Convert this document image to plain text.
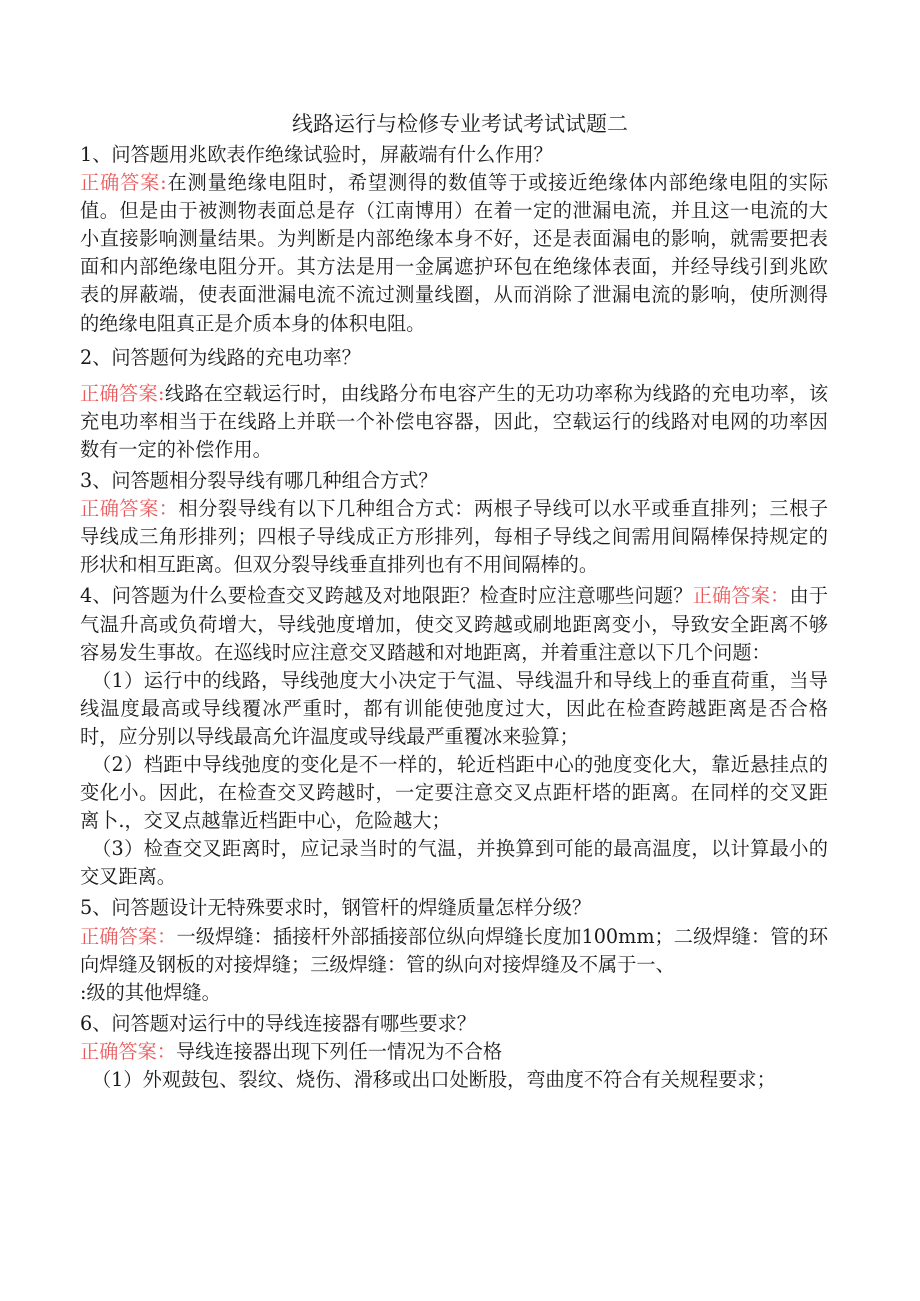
线路运行与检修专业考试考试试题二

1、问答题用兆欧表作绝缘试验时，屏蔽端有什么作用？

正确答案:在测量绝缘电阻时，希望测得的数值等于或接近绝缘体内部绝缘电阻的实际值。但是由于被测物表面总是存（江南博用）在着一定的泄漏电流，并且这一电流的大小直接影响测量结果。为判断是内部绝缘本身不好，还是表面漏电的影响，就需要把表面和内部绝缘电阻分开。其方法是用一金属遮护环包在绝缘体表面，并经导线引到兆欧表的屏蔽端，使表面泄漏电流不流过测量线圈，从而消除了泄漏电流的影响，使所测得的绝缘电阻真正是介质本身的体积电阻。

2、问答题何为线路的充电功率？

正确答案:线路在空载运行时，由线路分布电容产生的无功功率称为线路的充电功率，该充电功率相当于在线路上并联一个补偿电容器，因此，空载运行的线路对电网的功率因数有一定的补偿作用。

3、问答题相分裂导线有哪几种组合方式？

正确答案：相分裂导线有以下几种组合方式：两根子导线可以水平或垂直排列；三根子导线成三角形排列；四根子导线成正方形排列，每相子导线之间需用间隔棒保持规定的形状和相互距离。但双分裂导线垂直排列也有不用间隔棒的。

4、问答题为什么要检查交叉跨越及对地限距？检查时应注意哪些问题？正确答案：由于气温升高或负荷增大，导线弛度增加，使交叉跨越或刷地距离变小，导致安全距离不够容易发生事故。在巡线时应注意交叉踏越和对地距离，并着重注意以下几个问题：

（1）运行中的线路，导线弛度大小决定于气温、导线温升和导线上的垂直荷重，当导线温度最高或导线覆冰严重时，都有训能使弛度过大，因此在检查跨越距离是否合格时，应分别以导线最高允许温度或导线最严重覆冰来验算；

（2）档距中导线弛度的变化是不一样的，轮近档距中心的弛度变化大，靠近悬挂点的变化小。因此，在检查交叉跨越时，一定要注意交叉点距杆塔的距离。在同样的交叉距离卜.，交叉点越靠近档距中心，危险越大；

（3）检查交叉距离时，应记录当时的气温，并换算到可能的最高温度，以计算最小的交叉距离。

5、问答题设计无特殊要求时，钢管杆的焊缝质量怎样分级？

正确答案：一级焊缝：插接杆外部插接部位纵向焊缝长度加100mm；二级焊缝：管的环向焊缝及钢板的对接焊缝；三级焊缝：管的纵向对接焊缝及不属于一、

:级的其他焊缝。

6、问答题对运行中的导线连接器有哪些要求？

正确答案：导线连接器出现下列任一情况为不合格

（1）外观鼓包、裂纹、烧伤、滑移或出口处断股，弯曲度不符合有关规程要求；
